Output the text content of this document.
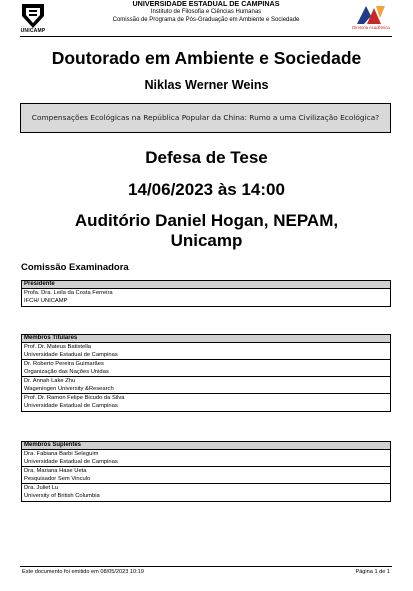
UNICAMP
UNIVERSIDADE ESTADUAL DE CAMPINAS
Instituto de Filosofia e Ciências Humanas
Comissão de Programa de Pós-Graduação em Ambiente e Sociedade
Diretoria Acadêmica
Doutorado em Ambiente e Sociedade
Niklas Werner Weins
Compensações Ecológicas na República Popular da China: Rumo a uma Civilização Ecológica?
Defesa de Tese
14/06/2023 às 14:00
Auditório Daniel Hogan, NEPAM, Unicamp
Comissão Examinadora
Presidente
Profa. Dra. Leila da Costa Ferreira
IFCH/ UNICAMP
Membros Titulares
Prof. Dr. Mateus Batistella
Universidade Estadual de Campinas
Dr. Roberto Pereira Guimarães
Organização das Nações Unidas
Dr. Annah Lake Zhu
Wageningen University &Research
Prof. Dr. Ramon Felipe Bicudo da Silva
Universidade Estadual de Campinas
Membros Suplentes
Dra. Fabiana Barbi Seleguim
Universidade Estadual de Campinas
Dra. Mariana Hase Ueta
Pesquisador Sem Vinculo
Dra. Juliet Lu
University of British Columbia
Este documento foi emitido em 08/05/2023 10:19	Página 1 de 1
